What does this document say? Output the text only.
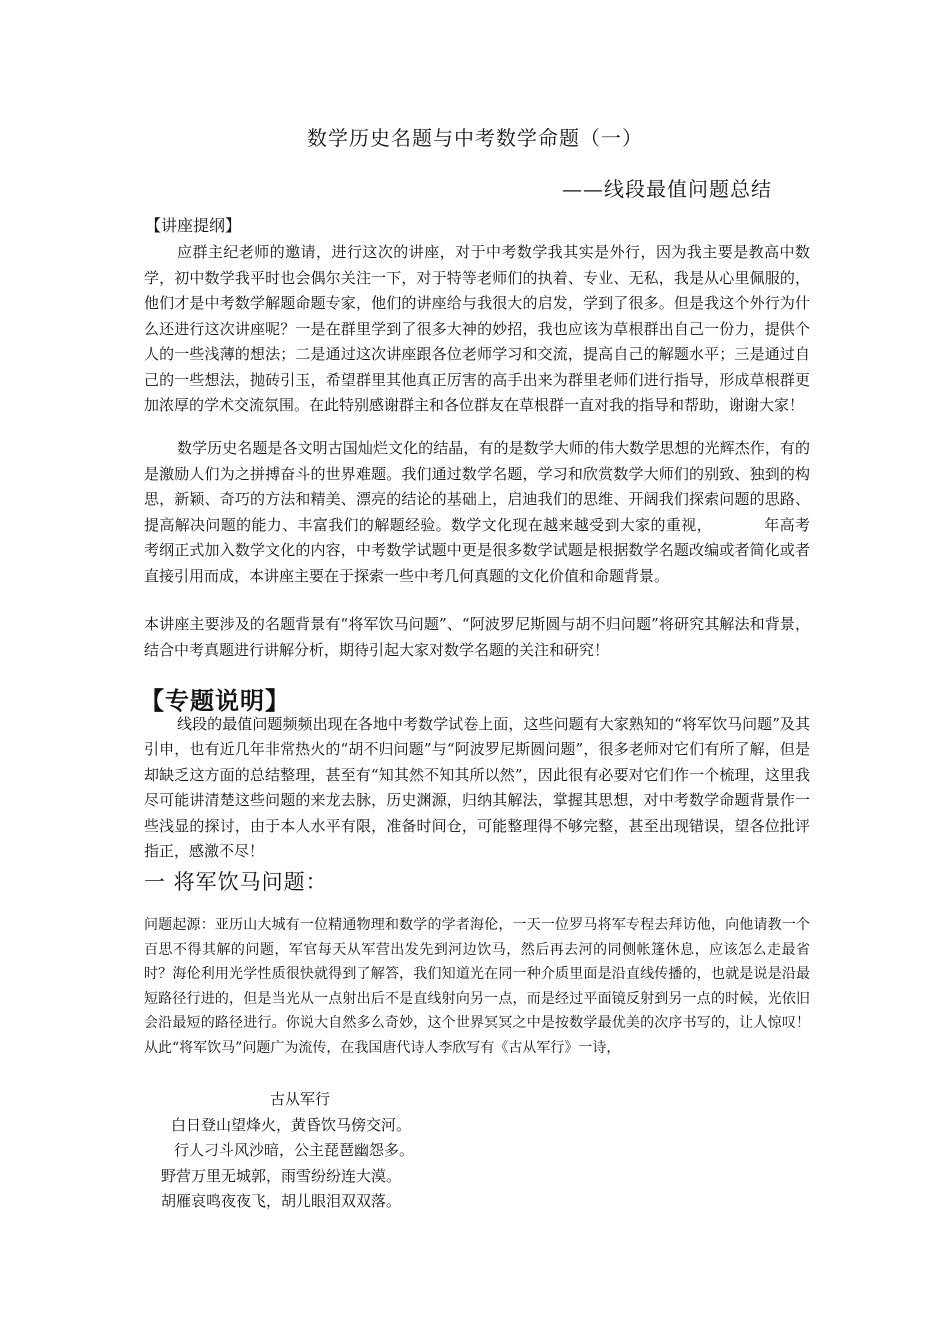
数学历史名题与中考数学命题（一）
——线段最值问题总结
【讲座提纲】
应群主纪老师的邀请，进行这次的讲座，对于中考数学我其实是外行，因为我主要是教高中数学，初中数学我平时也会偶尔关注一下，对于特等老师们的执着、专业、无私，我是从心里佩服的，他们才是中考数学解题命题专家，他们的讲座给与我很大的启发，学到了很多。但是我这个外行为什么还进行这次讲座呢？一是在群里学到了很多大神的妙招，我也应该为草根群出自己一份力，提供个人的一些浅薄的想法；二是通过这次讲座跟各位老师学习和交流，提高自己的解题水平；三是通过自己的一些想法，抛砖引玉，希望群里其他真正厉害的高手出来为群里老师们进行指导，形成草根群更加浓厚的学术交流氛围。在此特别感谢群主和各位群友在草根群一直对我的指导和帮助，谢谢大家！
数学历史名题是各文明古国灿烂文化的结晶，有的是数学大师的伟大数学思想的光辉杰作，有的是激励人们为之拼搏奋斗的世界难题。我们通过数学名题，学习和欣赏数学大师们的别致、独到的构思，新颖、奇巧的方法和精美、漂亮的结论的基础上，启迪我们的思维、开阔我们探索问题的思路、提高解决问题的能力、丰富我们的解题经验。数学文化现在越来越受到大家的重视，	年高考考纲正式加入数学文化的内容，中考数学试题中更是很多数学试题是根据数学名题改编或者简化或者直接引用而成，本讲座主要在于探索一些中考几何真题的文化价值和命题背景。
本讲座主要涉及的名题背景有“将军饮马问题”、“阿波罗尼斯圆与胡不归问题”将研究其解法和背景，结合中考真题进行讲解分析，期待引起大家对数学名题的关注和研究！
【专题说明】
线段的最值问题频频出现在各地中考数学试卷上面，这些问题有大家熟知的“将军饮马问题”及其引申，也有近几年非常热火的“胡不归问题”与“阿波罗尼斯圆问题”，很多老师对它们有所了解，但是却缺乏这方面的总结整理，甚至有“知其然不知其所以然”，因此很有必要对它们作一个梳理，这里我尽可能讲清楚这些问题的来龙去脉，历史渊源，归纳其解法，掌握其思想，对中考数学命题背景作一些浅显的探讨，由于本人水平有限，准备时间仓，可能整理得不够完整，甚至出现错误，望各位批评指正，感激不尽！
一 将军饮马问题：
问题起源：亚历山大城有一位精通物理和数学的学者海伦，一天一位罗马将军专程去拜访他，向他请教一个百思不得其解的问题，军官每天从军营出发先到河边饮马，然后再去河的同侧帐篷休息，应该怎么走最省时？海伦利用光学性质很快就得到了解答，我们知道光在同一种介质里面是沿直线传播的，也就是说是沿最短路径行进的，但是当光从一点射出后不是直线射向另一点，而是经过平面镜反射到另一点的时候，光依旧会沿最短的路径进行。你说大自然多么奇妙，这个世界冥冥之中是按数学最优美的次序书写的，让人惊叹！从此“将军饮马”问题广为流传，在我国唐代诗人李欣写有《古从军行》一诗，
古从军行
白日登山望烽火，黄昏饮马傍交河。
行人刁斗风沙暗，公主琵琶幽怨多。
野营万里无城郭，雨雪纷纷连大漠。
胡雁哀鸣夜夜飞，胡儿眼泪双双落。
